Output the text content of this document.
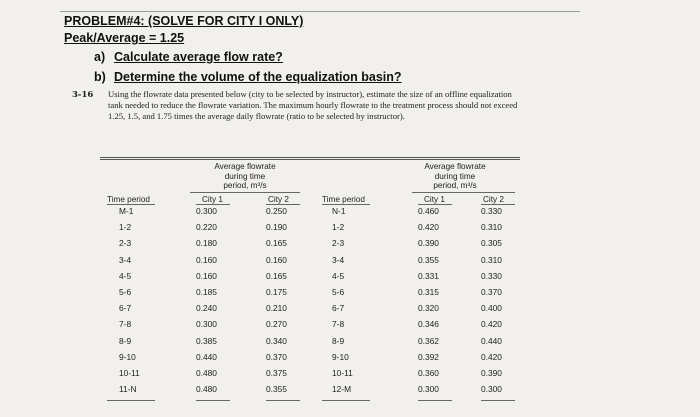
PROBLEM#4: (SOLVE FOR CITY I ONLY)
Peak/Average = 1.25
a) Calculate average flow rate?
b) Determine the volume of the equalization basin?
3-16 Using the flowrate data presented below (city to be selected by instructor), estimate the size of an offline equalization tank needed to reduce the flowrate variation. The maximum hourly flowrate to the treatment process should not exceed 1.25, 1.5, and 1.75 times the average daily flowrate (ratio to be selected by instructor).
Average flowrate
during time
period, m³/s
Time period	City 1	City 2
M-1	0.300	0.250
1-2	0.220	0.190
2-3	0.180	0.165
3-4	0.160	0.160
4-5	0.160	0.165
5-6	0.185	0.175
6-7	0.240	0.210
7-8	0.300	0.270
8-9	0.385	0.340
9-10	0.440	0.370
10-11	0.480	0.375
11-N	0.480	0.355
Average flowrate
during time
period, m³/s
Time period	City 1	City 2
N-1	0.460	0.330
1-2	0.420	0.310
2-3	0.390	0.305
3-4	0.355	0.310
4-5	0.331	0.330
5-6	0.315	0.370
6-7	0.320	0.400
7-8	0.346	0.420
8-9	0.362	0.440
9-10	0.392	0.420
10-11	0.360	0.390
12-M	0.300	0.300
